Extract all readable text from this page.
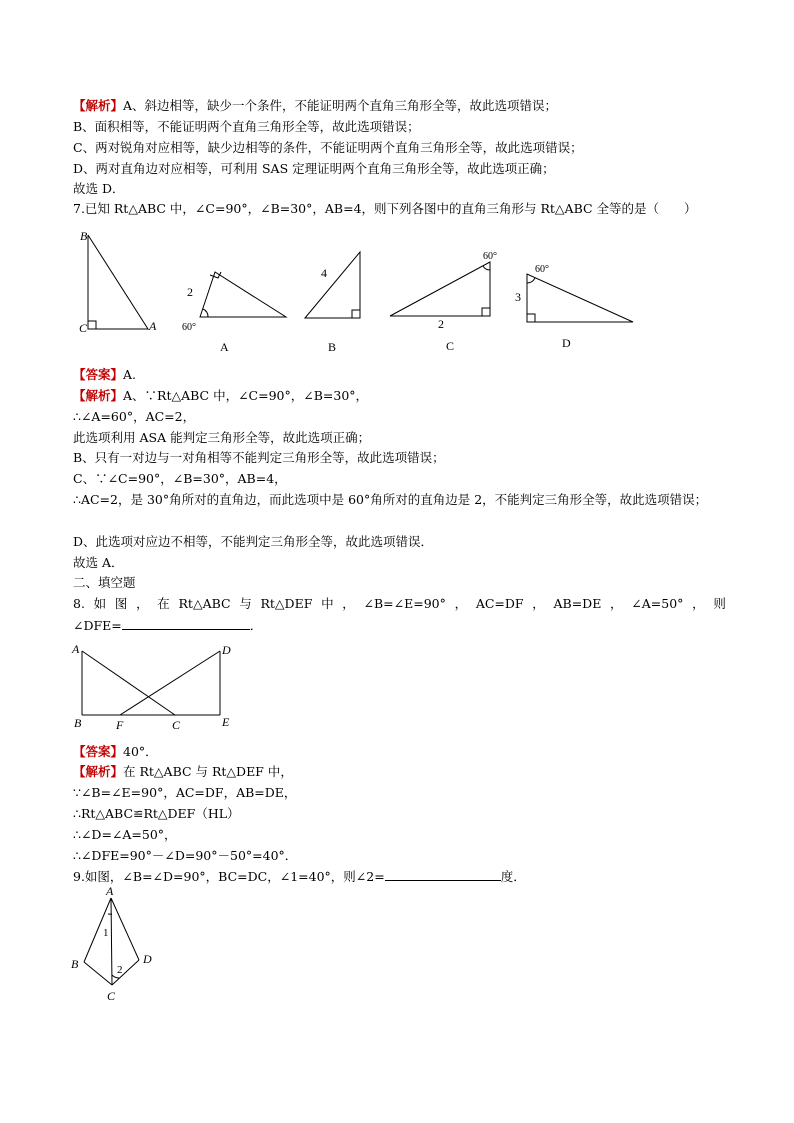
【解析】A、斜边相等，缺少一个条件，不能证明两个直角三角形全等，故此选项错误；
B、面积相等，不能证明两个直角三角形全等，故此选项错误；
C、两对锐角对应相等，缺少边相等的条件，不能证明两个直角三角形全等，故此选项错误；
D、两对直角边对应相等，可利用 SAS 定理证明两个直角三角形全等，故此选项正确；
故选 D．
7.已知 Rt△ABC 中，∠C=90°，∠B=30°，AB=4，则下列各图中的直角三角形与 Rt△ABC 全等的是（　　）
B
C	A
2
60°
A
4
B
60°
2
C
60°
3
D
【答案】A.
【解析】A、∵Rt△ABC 中，∠C=90°，∠B=30°，
∴∠A=60°，AC=2，
此选项利用 ASA 能判定三角形全等，故此选项正确；
B、只有一对边与一对角相等不能判定三角形全等，故此选项错误；
C、∵∠C=90°，∠B=30°，AB=4，
∴AC=2，是 30°角所对的直角边，而此选项中是 60°角所对的直角边是 2，不能判定三角形全等，故此选项错误；
D、此选项对应边不相等，不能判定三角形全等，故此选项错误．
故选 A．
二、填空题
8. 如 图 ， 在 Rt△ABC 与 Rt△DEF 中 ， ∠B=∠E=90° ， AC=DF ， AB=DE ， ∠A=50° ， 则
∠DFE=	．
A	D
B	F	C	E
【答案】40°．
【解析】在 Rt△ABC 与 Rt△DEF 中，
∵∠B=∠E=90°，AC=DF，AB=DE，
∴Rt△ABC≌Rt△DEF（HL）
∴∠D=∠A=50°，
∴∠DFE=90°－∠D=90°－50°=40°．
9.如图，∠B=∠D=90°，BC=DC，∠1=40°，则∠2=	度．
A
B
C
D
1
2
